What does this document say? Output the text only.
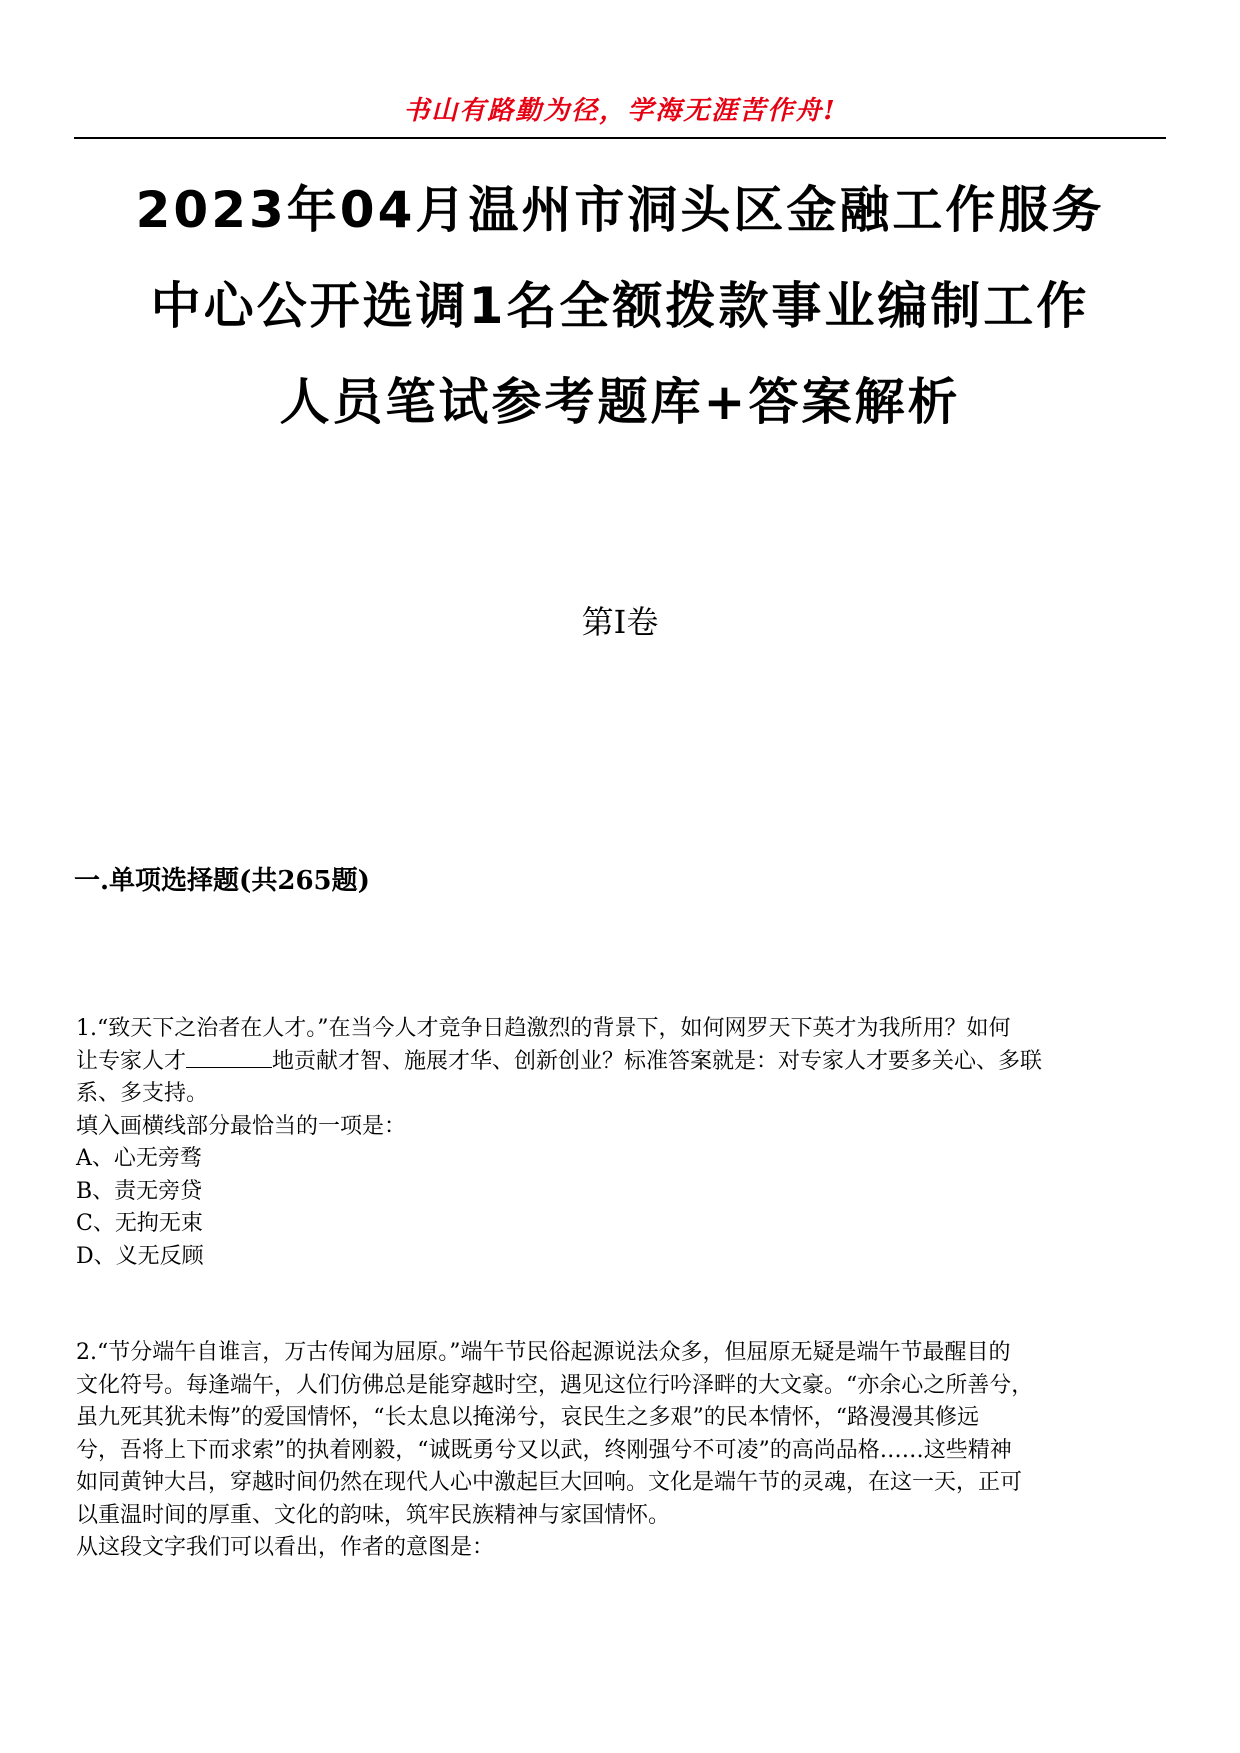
书山有路勤为径，学海无涯苦作舟!
2023年04月温州市洞头区金融工作服务
中心公开选调1名全额拨款事业编制工作
人员笔试参考题库+答案解析
第I卷
一.单项选择题(共265题)
1.“致天下之治者在人才。”在当今人才竞争日趋激烈的背景下，如何网罗天下英才为我所用？如何
让专家人才	地贡献才智、施展才华、创新创业？标准答案就是：对专家人才要多关心、多联
系、多支持。
填入画横线部分最恰当的一项是：
A、心无旁骛
B、责无旁贷
C、无拘无束
D、义无反顾
2.“节分端午自谁言，万古传闻为屈原。”端午节民俗起源说法众多，但屈原无疑是端午节最醒目的
文化符号。每逢端午，人们仿佛总是能穿越时空，遇见这位行吟泽畔的大文豪。“亦余心之所善兮，
虽九死其犹未悔”的爱国情怀，“长太息以掩涕兮，哀民生之多艰”的民本情怀，“路漫漫其修远
兮，吾将上下而求索”的执着刚毅，“诚既勇兮又以武，终刚强兮不可凌”的高尚品格……这些精神
如同黄钟大吕，穿越时间仍然在现代人心中激起巨大回响。文化是端午节的灵魂，在这一天，正可
以重温时间的厚重、文化的韵味，筑牢民族精神与家国情怀。
从这段文字我们可以看出，作者的意图是：
